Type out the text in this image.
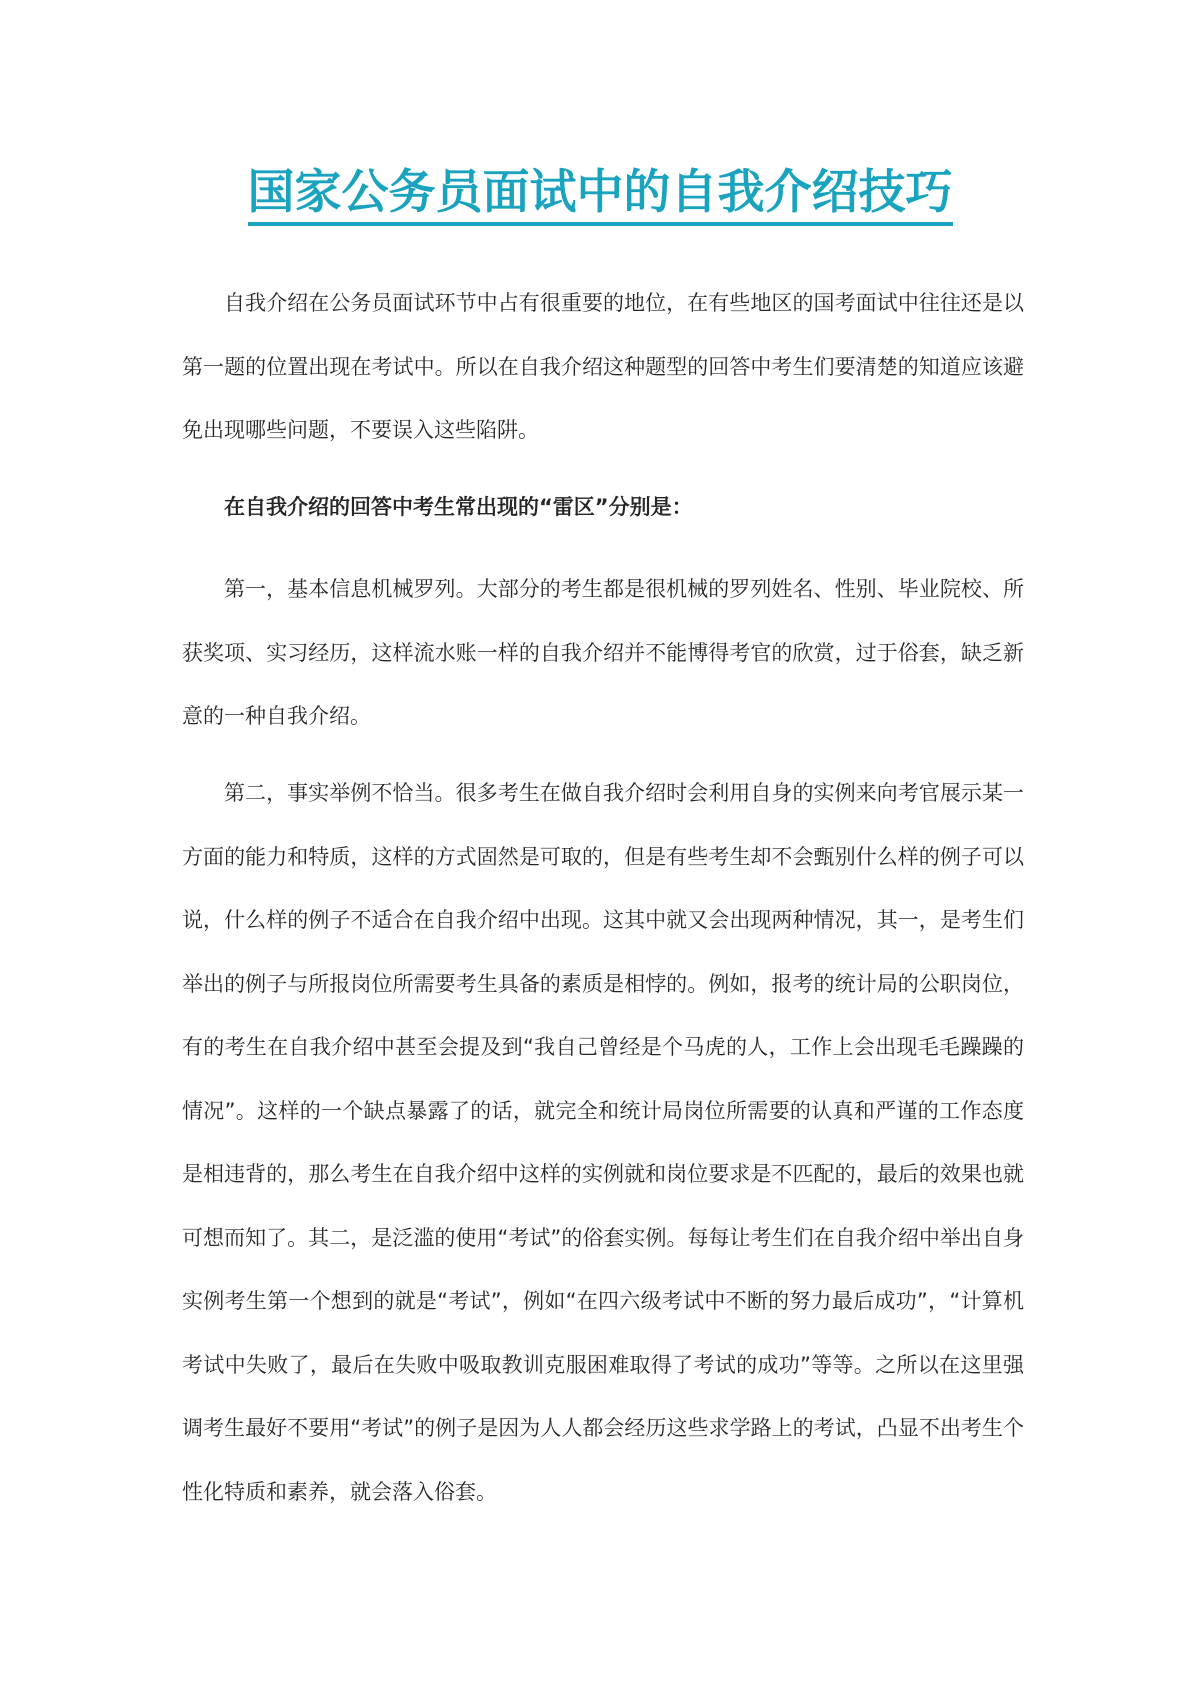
国家公务员面试中的自我介绍技巧

自我介绍在公务员面试环节中占有很重要的地位，在有些地区的国考面试中往往还是以第一题的位置出现在考试中。所以在自我介绍这种题型的回答中考生们要清楚的知道应该避免出现哪些问题，不要误入这些陷阱。

在自我介绍的回答中考生常出现的“雷区”分别是：

第一，基本信息机械罗列。大部分的考生都是很机械的罗列姓名、性别、毕业院校、所获奖项、实习经历，这样流水账一样的自我介绍并不能博得考官的欣赏，过于俗套，缺乏新意的一种自我介绍。

第二，事实举例不恰当。很多考生在做自我介绍时会利用自身的实例来向考官展示某一方面的能力和特质，这样的方式固然是可取的，但是有些考生却不会甄别什么样的例子可以说，什么样的例子不适合在自我介绍中出现。这其中就又会出现两种情况，其一，是考生们举出的例子与所报岗位所需要考生具备的素质是相悖的。例如，报考的统计局的公职岗位，有的考生在自我介绍中甚至会提及到“我自己曾经是个马虎的人，工作上会出现毛毛躁躁的情况”。这样的一个缺点暴露了的话，就完全和统计局岗位所需要的认真和严谨的工作态度是相违背的，那么考生在自我介绍中这样的实例就和岗位要求是不匹配的，最后的效果也就可想而知了。其二，是泛滥的使用“考试”的俗套实例。每每让考生们在自我介绍中举出自身实例考生第一个想到的就是“考试”，例如“在四六级考试中不断的努力最后成功”，“计算机考试中失败了，最后在失败中吸取教训克服困难取得了考试的成功”等等。之所以在这里强调考生最好不要用“考试”的例子是因为人人都会经历这些求学路上的考试，凸显不出考生个性化特质和素养，就会落入俗套。
